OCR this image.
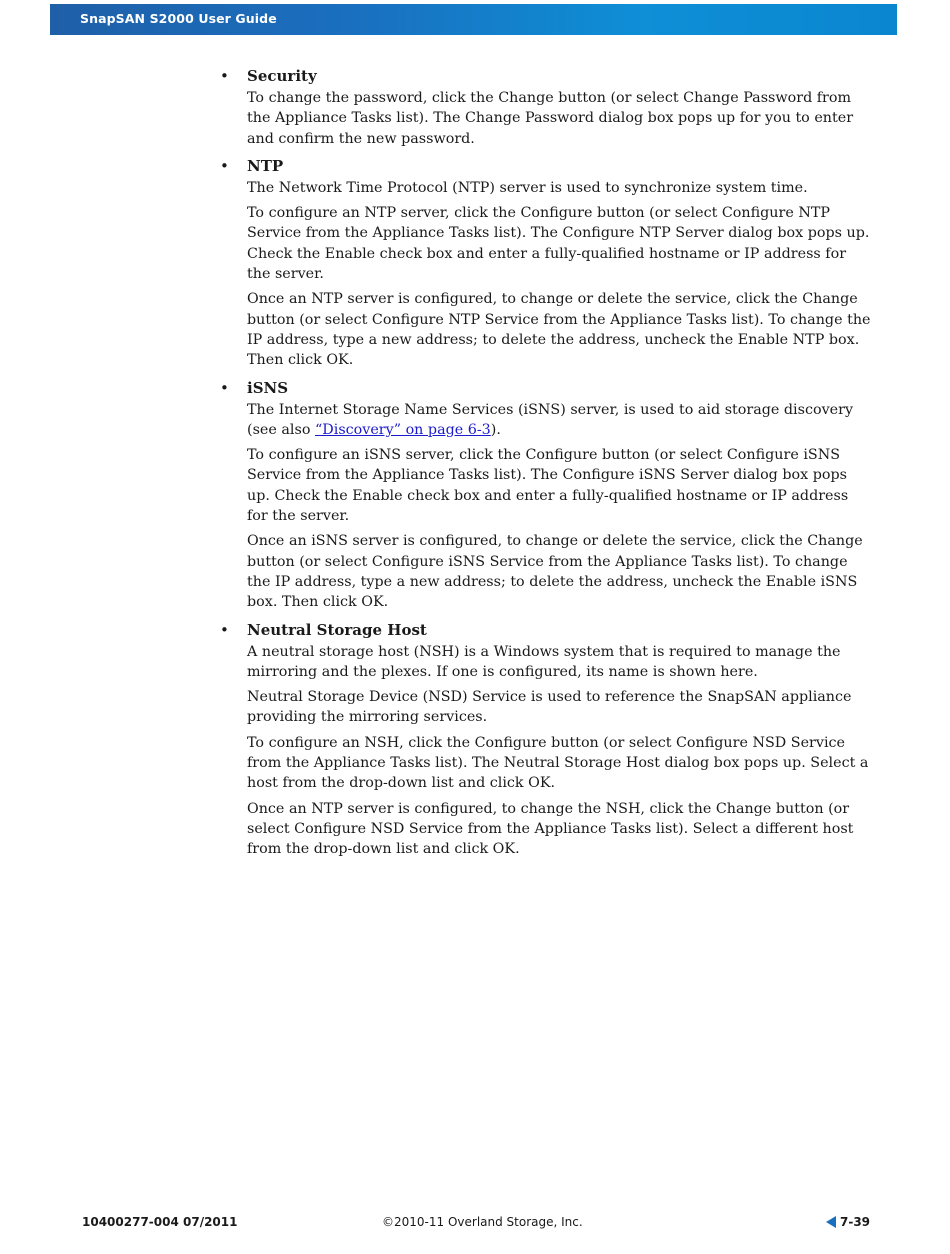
SnapSAN S2000 User Guide
• Security

To change the password, click the Change button (or select Change Password from the Appliance Tasks list). The Change Password dialog box pops up for you to enter and confirm the new password.

• NTP

The Network Time Protocol (NTP) server is used to synchronize system time.

To configure an NTP server, click the Configure button (or select Configure NTP Service from the Appliance Tasks list). The Configure NTP Server dialog box pops up. Check the Enable check box and enter a fully-qualified hostname or IP address for the server.

Once an NTP server is configured, to change or delete the service, click the Change button (or select Configure NTP Service from the Appliance Tasks list). To change the IP address, type a new address; to delete the address, uncheck the Enable NTP box. Then click OK.

• iSNS

The Internet Storage Name Services (iSNS) server, is used to aid storage discovery (see also “Discovery” on page 6-3).

To configure an iSNS server, click the Configure button (or select Configure iSNS Service from the Appliance Tasks list). The Configure iSNS Server dialog box pops up. Check the Enable check box and enter a fully-qualified hostname or IP address for the server.

Once an iSNS server is configured, to change or delete the service, click the Change button (or select Configure iSNS Service from the Appliance Tasks list). To change the IP address, type a new address; to delete the address, uncheck the Enable iSNS box. Then click OK.

• Neutral Storage Host

A neutral storage host (NSH) is a Windows system that is required to manage the mirroring and the plexes. If one is configured, its name is shown here.

Neutral Storage Device (NSD) Service is used to reference the SnapSAN appliance providing the mirroring services.

To configure an NSH, click the Configure button (or select Configure NSD Service from the Appliance Tasks list). The Neutral Storage Host dialog box pops up. Select a host from the drop-down list and click OK.

Once an NTP server is configured, to change the NSH, click the Change button (or select Configure NSD Service from the Appliance Tasks list). Select a different host from the drop-down list and click OK.

10400277-004 07/2011	©2010-11 Overland Storage, Inc.	7-39
